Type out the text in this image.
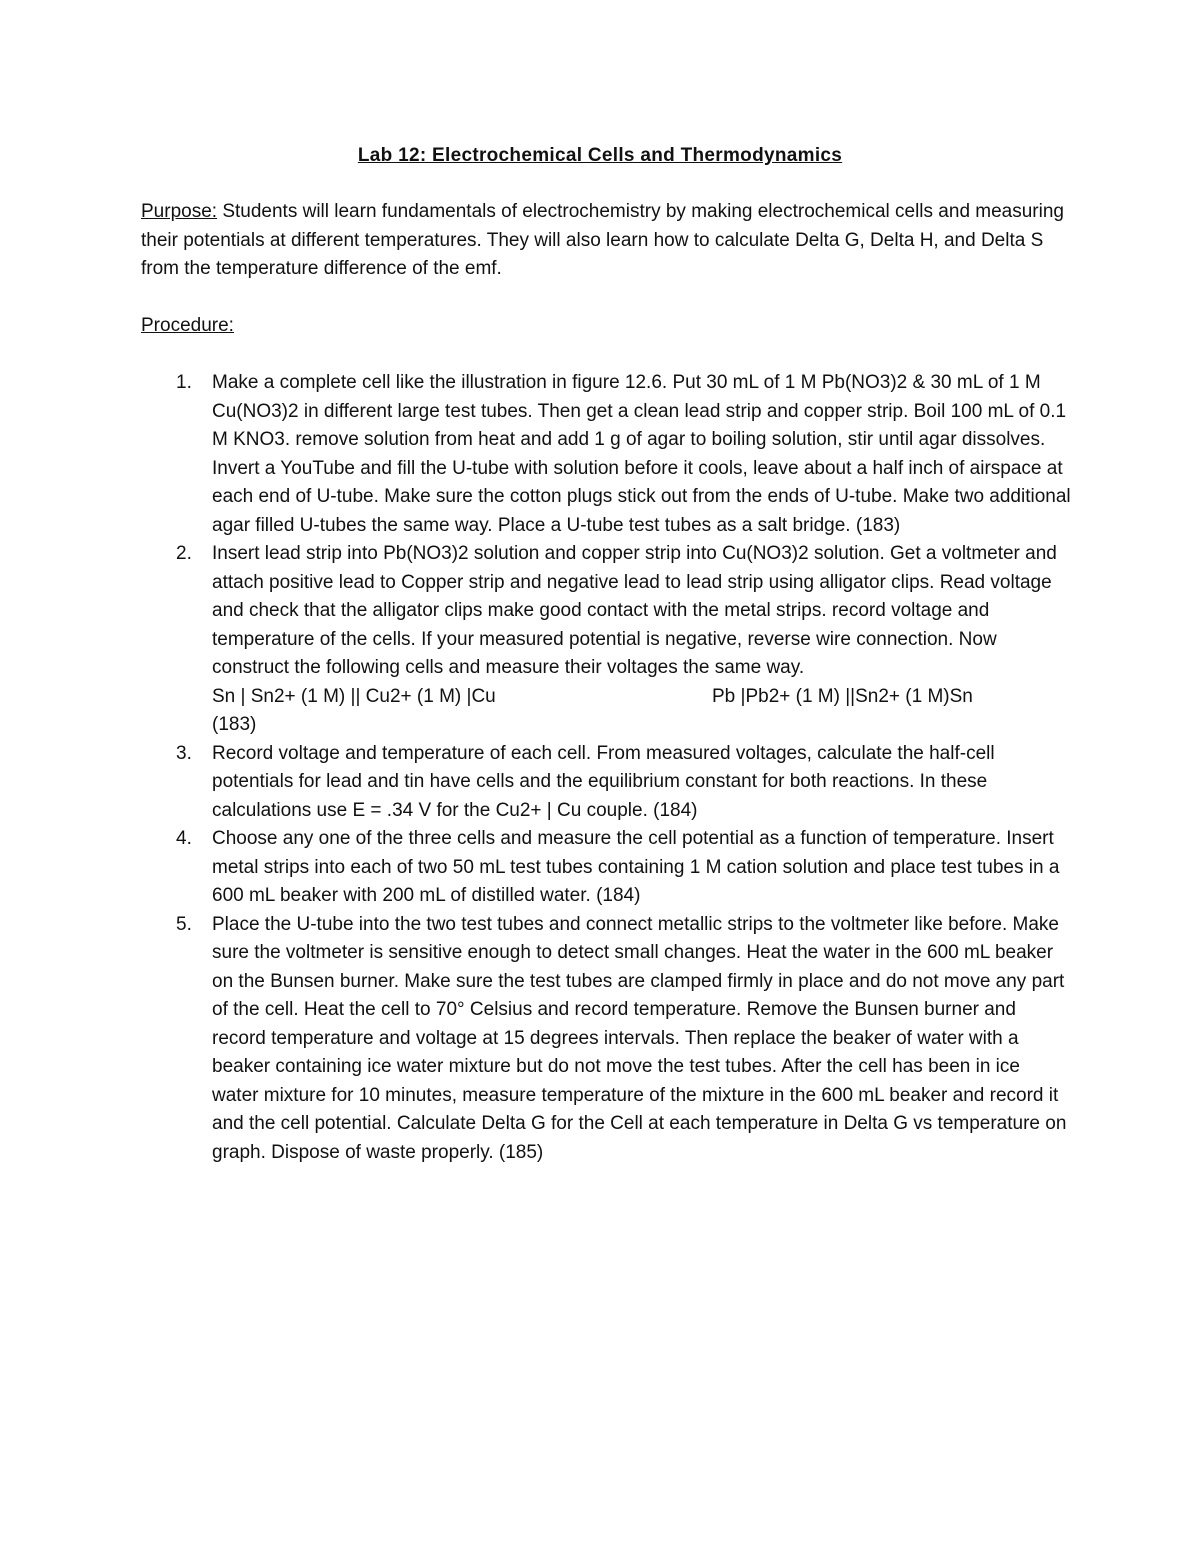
Lab 12: Electrochemical Cells and Thermodynamics
Purpose: Students will learn fundamentals of electrochemistry by making electrochemical cells and measuring their potentials at different temperatures. They will also learn how to calculate Delta G, Delta H, and Delta S from the temperature difference of the emf.
Procedure:
1. Make a complete cell like the illustration in figure 12.6. Put 30 mL of 1 M Pb(NO3)2 & 30 mL of 1 M Cu(NO3)2 in different large test tubes. Then get a clean lead strip and copper strip. Boil 100 mL of 0.1 M KNO3. remove solution from heat and add 1 g of agar to boiling solution, stir until agar dissolves. Invert a YouTube and fill the U-tube with solution before it cools, leave about a half inch of airspace at each end of U-tube. Make sure the cotton plugs stick out from the ends of U-tube. Make two additional agar filled U-tubes the same way. Place a U-tube test tubes as a salt bridge. (183)
2. Insert lead strip into Pb(NO3)2 solution and copper strip into Cu(NO3)2 solution. Get a voltmeter and attach positive lead to Copper strip and negative lead to lead strip using alligator clips. Read voltage and check that the alligator clips make good contact with the metal strips. record voltage and temperature of the cells. If your measured potential is negative, reverse wire connection. Now construct the following cells and measure their voltages the same way.
Sn | Sn2+ (1 M) || Cu2+ (1 M) |Cu	Pb |Pb2+ (1 M) ||Sn2+ (1 M)Sn
(183)
3. Record voltage and temperature of each cell. From measured voltages, calculate the half-cell potentials for lead and tin have cells and the equilibrium constant for both reactions. In these calculations use E = .34 V for the Cu2+ | Cu couple. (184)
4. Choose any one of the three cells and measure the cell potential as a function of temperature. Insert metal strips into each of two 50 mL test tubes containing 1 M cation solution and place test tubes in a 600 mL beaker with 200 mL of distilled water. (184)
5. Place the U-tube into the two test tubes and connect metallic strips to the voltmeter like before. Make sure the voltmeter is sensitive enough to detect small changes. Heat the water in the 600 mL beaker on the Bunsen burner. Make sure the test tubes are clamped firmly in place and do not move any part of the cell. Heat the cell to 70° Celsius and record temperature. Remove the Bunsen burner and record temperature and voltage at 15 degrees intervals. Then replace the beaker of water with a beaker containing ice water mixture but do not move the test tubes. After the cell has been in ice water mixture for 10 minutes, measure temperature of the mixture in the 600 mL beaker and record it and the cell potential. Calculate Delta G for the Cell at each temperature in Delta G vs temperature on graph. Dispose of waste properly. (185)
